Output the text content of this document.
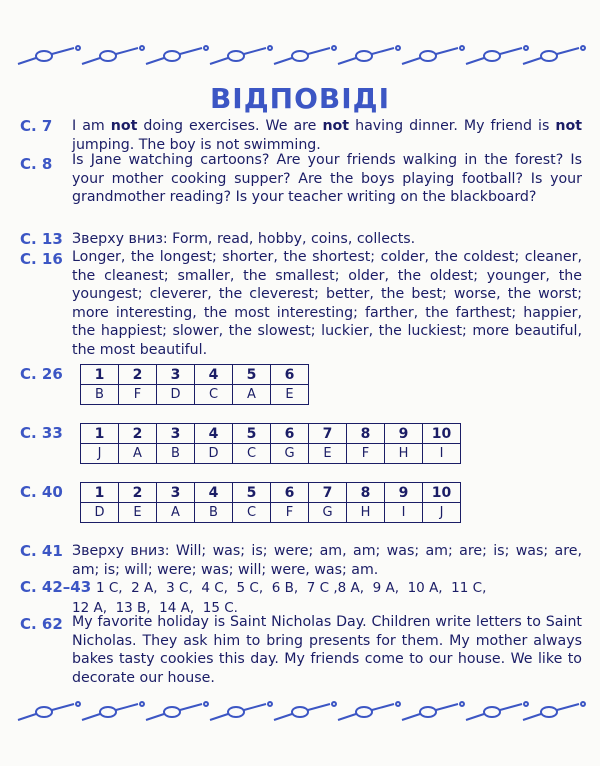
ВІДПОВІДІ
C. 7 I am not doing exercises. We are not having dinner. My friend is not jumping. The boy is not swimming.
C. 8 Is Jane watching cartoons? Are your friends walking in the forest? Is your mother cooking supper? Are the boys playing football? Is your grandmother reading? Is your teacher writing on the blackboard?
C. 13 Зверху вниз: Form, read, hobby, coins, collects.
C. 16 Longer, the longest; shorter, the shortest; colder, the coldest; cleaner, the cleanest; smaller, the smallest; older, the oldest; younger, the youngest; cleverer, the cleverest; better, the best; worse, the worst; more interesting, the most interesting; farther, the farthest; happier, the happiest; slower, the slowest; luckier, the luckiest; more beautiful, the most beautiful.
C. 26 1	2	3	4	5	6
B	F	D	C	A	E
C. 33 1	2	3	4	5	6	7	8	9	10
J	A	B	D	C	G	E	F	H	I
C. 40 1	2	3	4	5	6	7	8	9	10
D	E	A	B	C	F	G	H	I	J
C. 41 Зверху вниз: Will; was; is; were; am, am; was; am; are; is; was; are, am; is; will; were; was; will; were, was; am.
C. 42–43 1 C,  2 A,  3 C,  4 C,  5 C,  6 B,  7 C ,8 A,  9 A,  10 A,  11 C,
12 A,  13 B,  14 A,  15 C.
C. 62 My favorite holiday is Saint Nicholas Day. Children write letters to Saint Nicholas. They ask him to bring presents for them. My mother always bakes tasty cookies this day. My friends come to our house. We like to decorate our house.
